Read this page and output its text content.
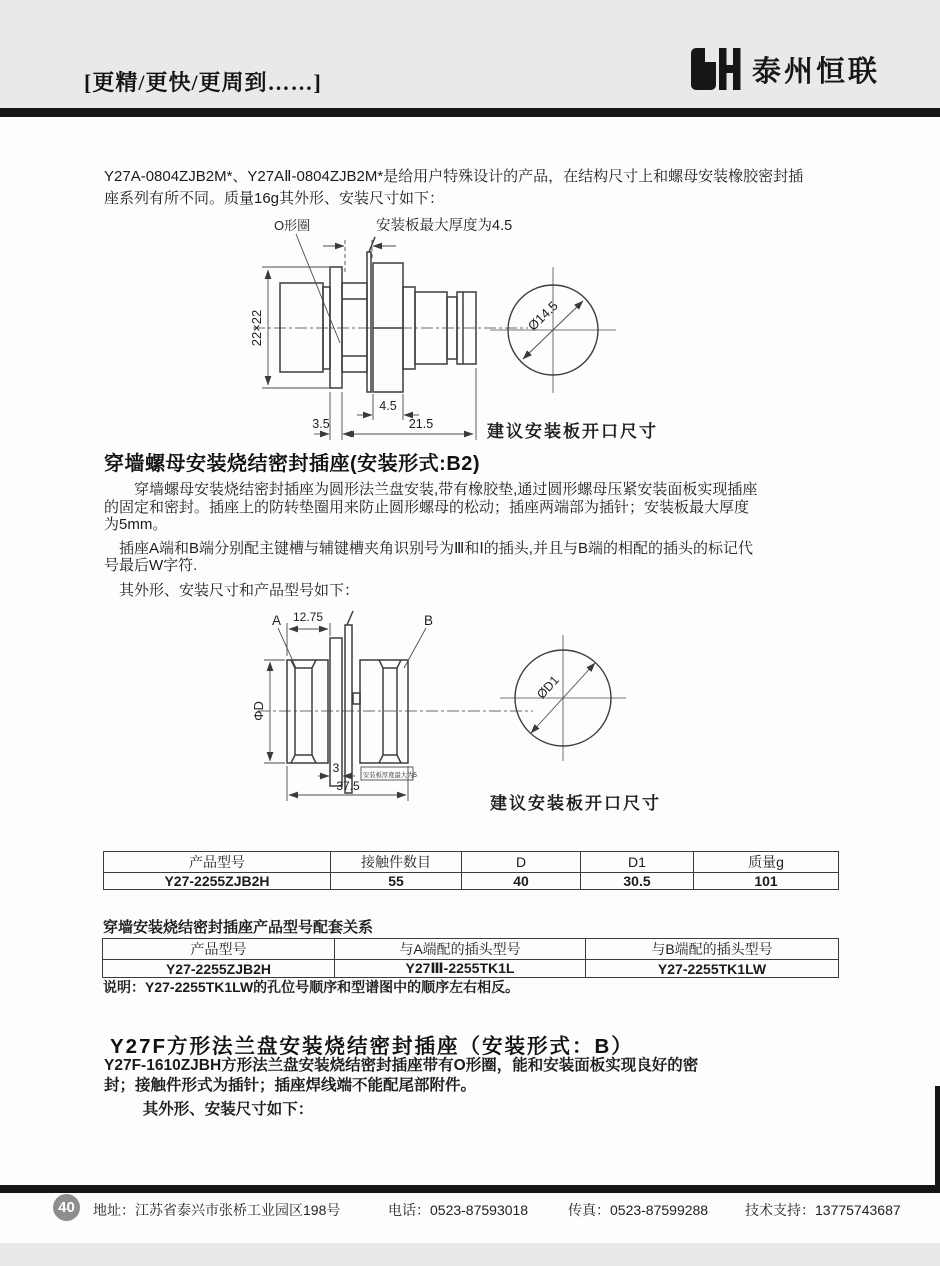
[更精/更快/更周到……]	泰州恒联
Y27A-0804ZJB2M*、Y27AⅡ-0804ZJB2M*是给用户特殊设计的产品，在结构尺寸上和螺母安装橡胶密封插座系列有所不同。质量16g其外形、安装尺寸如下：
O形圈	安装板最大厚度为4.5
22×22
4.5
3.5	21.5
Ø14.5
建议安装板开口尺寸
穿墙螺母安装烧结密封插座(安装形式:B2)

穿墙螺母安装烧结密封插座为圆形法兰盘安装,带有橡胶垫,通过圆形螺母压紧安装面板实现插座的固定和密封。插座上的防转垫圈用来防止圆形螺母的松动；插座两端部为插针；安装板最大厚度为5mm。

插座A端和B端分别配主键槽与辅键槽夹角识别号为Ⅲ和Ⅰ的插头,并且与B端的相配的插头的标记代号最后W字符.

其外形、安装尺寸和产品型号如下：

A	B
12.75
ΦD
3
安装板厚度最大为5
37.5
ØD1
建议安装板开口尺寸
产品型号	接触件数目	D	D1	质量g
Y27-2255ZJB2H	55	40	30.5	101
穿墙安装烧结密封插座产品型号配套关系
产品型号	与A端配的插头型号	与B端配的插头型号
Y27-2255ZJB2H	Y27Ⅲ-2255TK1L	Y27-2255TK1LW
说明：Y27-2255TK1LW的孔位号顺序和型谱图中的顺序左右相反。
Y27F方形法兰盘安装烧结密封插座（安装形式：B）
Y27F-1610ZJBH方形法兰盘安装烧结密封插座带有O形圈，能和安装面板实现良好的密封；接触件形式为插针；插座焊线端不能配尾部附件。
其外形、安装尺寸如下：
40	地址：江苏省泰兴市张桥工业园区198号	电话：0523-87593018	传真：0523-87599288	技术支持：13775743687
